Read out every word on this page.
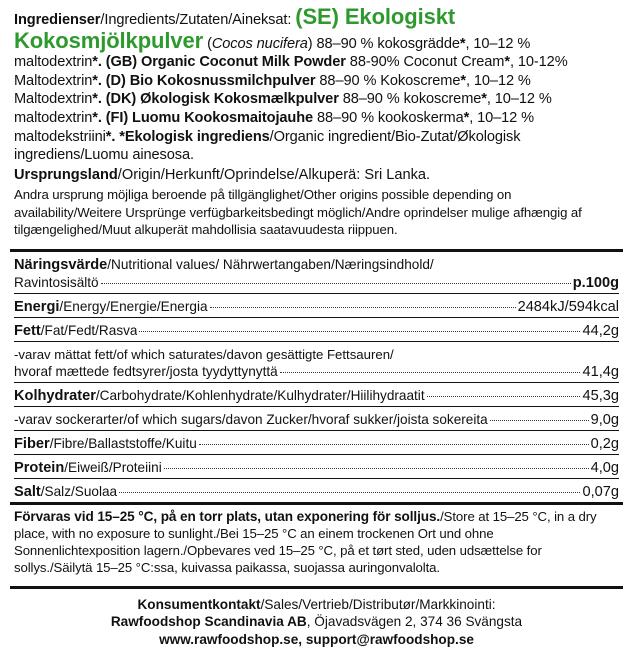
Ingredienser/Ingredients/Zutaten/Aineksat: (SE) Ekologiskt
Kokosmjölkpulver (Cocos nucifera) 88–90 % kokosgrädde*, 10–12 % maltodextrin*. (GB) Organic Coconut Milk Powder 88-90% Coconut Cream*, 10-12% Maltodextrin*. (D) Bio Kokosnussmilchpulver 88–90 % Kokoscreme*, 10–12 % Maltodextrin*. (DK) Økologisk Kokosmælkpulver 88–90 % kokoscreme*, 10–12 % maltodextrin*. (FI) Luomu Kookosmaitojauhe 88–90 % kookoskerma*, 10–12 % maltodekstriini*. *Ekologisk ingrediens/Organic ingredient/Bio-Zutat/Økologisk ingrediens/Luomu ainesosa.
Ursprungsland/Origin/Herkunft/Oprindelse/Alkuperä: Sri Lanka.
Andra ursprung möjliga beroende på tillgänglighet/Other origins possible depending on availability/Weitere Ursprünge verfügbarkeitsbedingt möglich/Andre oprindelser mulige afhængig af tilgængelighed/Muut alkuperät mahdollisia saatavuudesta riippuen.
Näringsvärde/Nutritional values/ Nährwertangaben/Næringsindhold/
Ravintosisältö	p.100g
Energi/Energy/Energie/Energia	2484kJ/594kcal
Fett/Fat/Fedt/Rasva	44,2g
-varav mättat fett/of which saturates/davon gesättigte Fettsauren/
hvoraf mættede fedtsyrer/josta tyydyttynyttä	41,4g
Kolhydrater/Carbohydrate/Kohlenhydrate/Kulhydrater/Hiilihydraatit	45,3g
-varav sockerarter/of which sugars/davon Zucker/hvoraf sukker/joista sokereita	9,0g
Fiber/Fibre/Ballaststoffe/Kuitu	0,2g
Protein/Eiweiß/Proteiini	4,0g
Salt/Salz/Suolaa	0,07g
Förvaras vid 15–25 °C, på en torr plats, utan exponering för solljus./Store at 15–25 °C, in a dry place, with no exposure to sunlight./Bei 15–25 °C an einem trockenen Ort und ohne Sonnenlichtexposition lagern./Opbevares ved 15–25 °C, på et tørt sted, uden udsættelse for sollys./Säilytä 15–25 °C:ssa, kuivassa paikassa, suojassa auringonvalolta.
Konsumentkontakt/Sales/Vertrieb/Distributør/Markkinointi:
Rawfoodshop Scandinavia AB, Öjavadsvägen 2, 374 36 Svängsta
www.rawfoodshop.se, support@rawfoodshop.se
